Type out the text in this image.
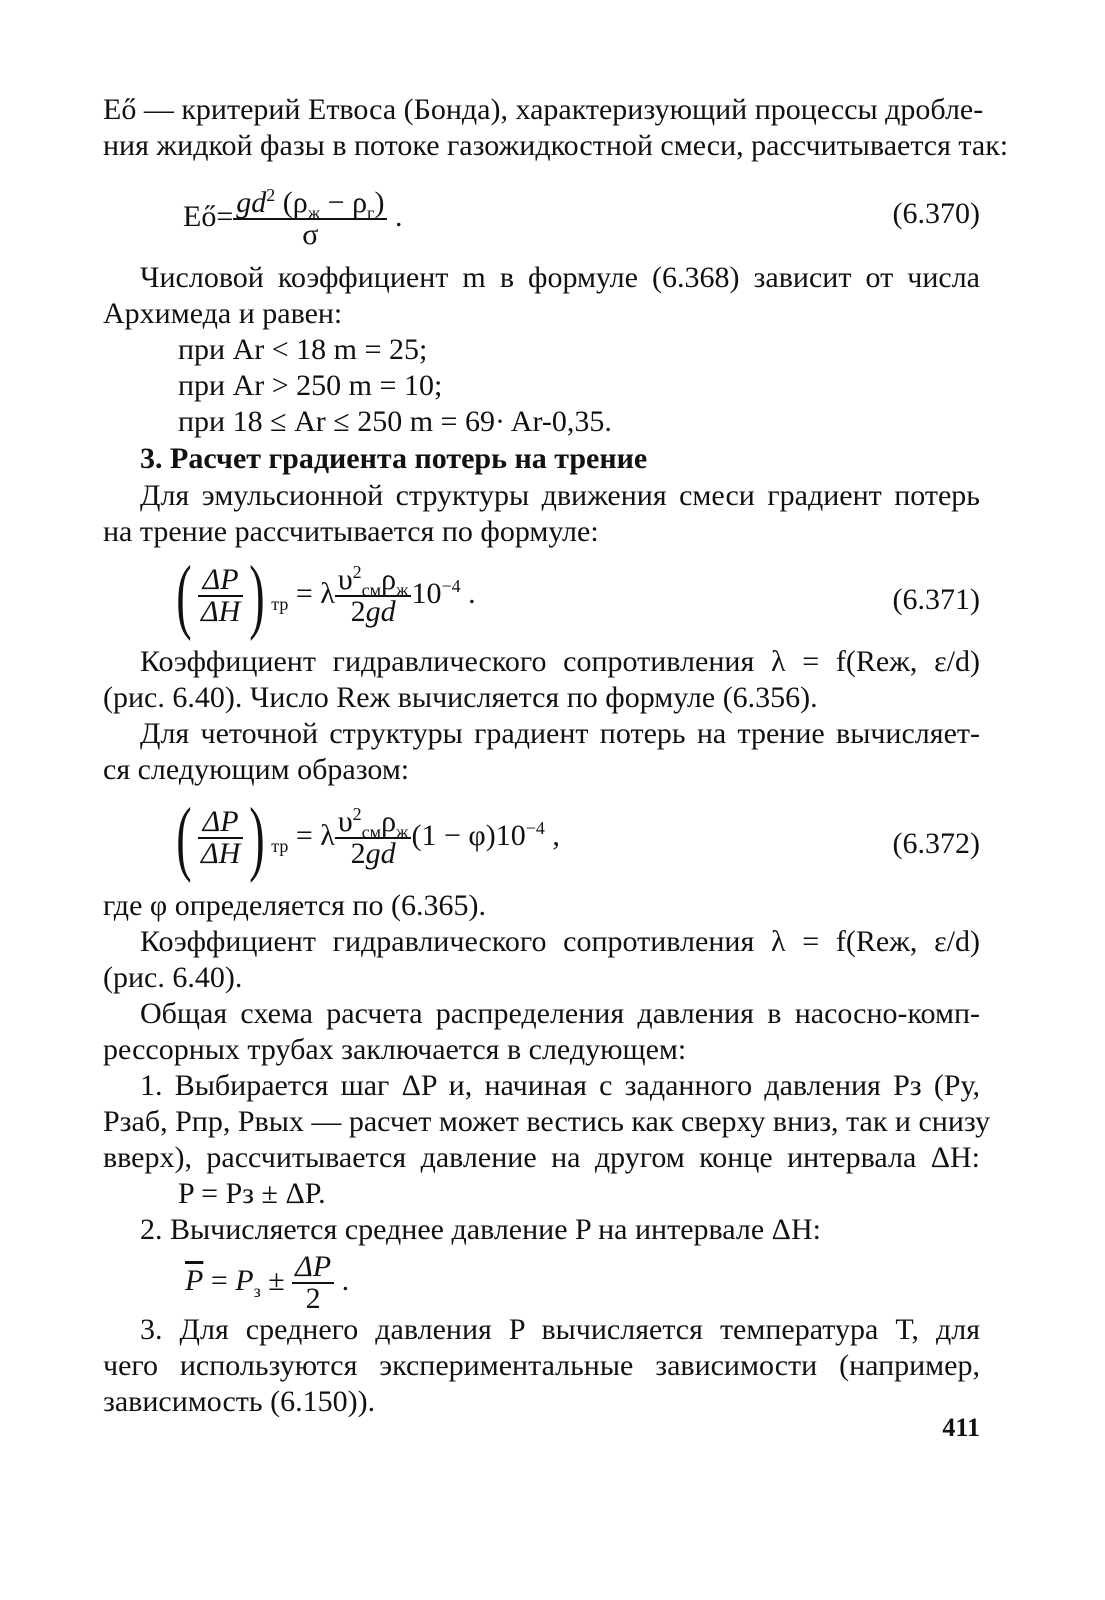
Eő — критерий Етвоса (Бонда), характеризующий процессы дробле-
ния жидкой фазы в потоке газожидкостной смеси, рассчитывается так:
Eő= $\frac{gd^2 (\rho_ж - \rho_г)}{\sigma}$ .	(6.370)
Числовой коэффициент m в формуле (6.368) зависит от числа
Архимеда и равен:
при Ar < 18 m = 25;
при Ar > 250 m = 10;
при 18 ≤ Ar ≤ 250 m = 69· Ar-0,35.
3. Расчет градиента потерь на трение
Для эмульсионной структуры движения смеси градиент потерь
на трение рассчитывается по формуле:
( $\frac{\Delta P}{\Delta H}$ ) $_{тр}$ = λ $\frac{\upsilon^2_{см}\rho_ж}{2gd} 10^{-4}$ .	(6.371)
Коэффициент гидравлического сопротивления λ = f(Reж, ε/d)
(рис. 6.40). Число Reж вычисляется по формуле (6.356).
Для четочной структуры градиент потерь на трение вычисляет-
ся следующим образом:
( $\frac{\Delta P}{\Delta H}$ ) $_{тр}$ = λ $\frac{\upsilon^2_{см}\rho_ж}{2gd} (1 - \varphi)10^{-4}$ ,	(6.372)
где φ определяется по (6.365).
Коэффициент гидравлического сопротивления λ = f(Reж, ε/d)
(рис. 6.40).
Общая схема расчета распределения давления в насосно-комп-
рессорных трубах заключается в следующем:
1. Выбирается шаг ΔP и, начиная с заданного давления Pз (Pу,
Pзаб, Pпр, Pвых — расчет может вестись как сверху вниз, так и снизу
вверх), рассчитывается давление на другом конце интервала ΔH:
P = Pз ± ΔP.
2. Вычисляется среднее давление P на интервале ΔH:
$\overline{P} = P_з \pm \frac{\Delta P}{2}$ .
3. Для среднего давления P вычисляется температура T, для
чего используются экспериментальные зависимости (например,
зависимость (6.150)).
411
